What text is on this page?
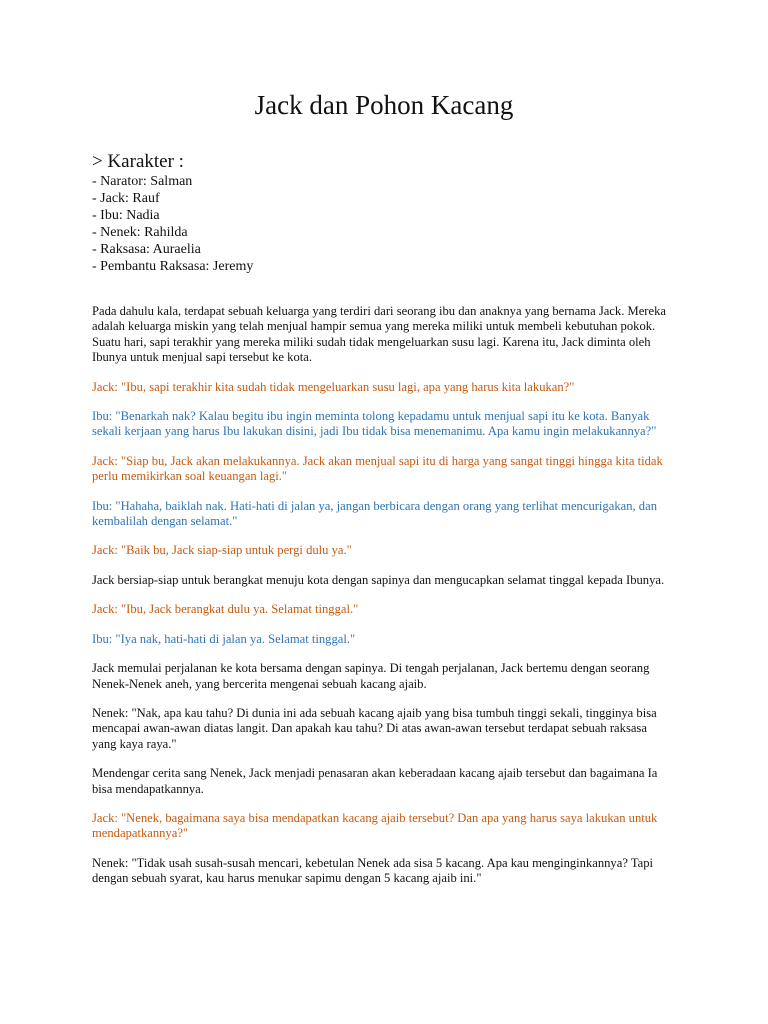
Jack dan Pohon Kacang

> Karakter :

- Narator: Salman
- Jack: Rauf
- Ibu: Nadia
- Nenek: Rahilda
- Raksasa: Auraelia
- Pembantu Raksasa: Jeremy

Pada dahulu kala, terdapat sebuah keluarga yang terdiri dari seorang ibu dan anaknya yang bernama Jack. Mereka adalah keluarga miskin yang telah menjual hampir semua yang mereka miliki untuk membeli kebutuhan pokok. Suatu hari, sapi terakhir yang mereka miliki sudah tidak mengeluarkan susu lagi. Karena itu, Jack diminta oleh Ibunya untuk menjual sapi tersebut ke kota.

Jack: "Ibu, sapi terakhir kita sudah tidak mengeluarkan susu lagi, apa yang harus kita lakukan?"

Ibu: "Benarkah nak? Kalau begitu ibu ingin meminta tolong kepadamu untuk menjual sapi itu ke kota. Banyak sekali kerjaan yang harus Ibu lakukan disini, jadi Ibu tidak bisa menemanimu. Apa kamu ingin melakukannya?"

Jack: "Siap bu, Jack akan melakukannya. Jack akan menjual sapi itu di harga yang sangat tinggi hingga kita tidak perlu memikirkan soal keuangan lagi."

Ibu: "Hahaha, baiklah nak. Hati-hati di jalan ya, jangan berbicara dengan orang yang terlihat mencurigakan, dan kembalilah dengan selamat."

Jack: "Baik bu, Jack siap-siap untuk pergi dulu ya."

Jack bersiap-siap untuk berangkat menuju kota dengan sapinya dan mengucapkan selamat tinggal kepada Ibunya.

Jack: "Ibu, Jack berangkat dulu ya. Selamat tinggal."

Ibu: "Iya nak, hati-hati di jalan ya. Selamat tinggal."

Jack memulai perjalanan ke kota bersama dengan sapinya. Di tengah perjalanan, Jack bertemu dengan seorang Nenek-Nenek aneh, yang bercerita mengenai sebuah kacang ajaib.

Nenek: "Nak, apa kau tahu? Di dunia ini ada sebuah kacang ajaib yang bisa tumbuh tinggi sekali, tingginya bisa mencapai awan-awan diatas langit. Dan apakah kau tahu? Di atas awan-awan tersebut terdapat sebuah raksasa yang kaya raya."

Mendengar cerita sang Nenek, Jack menjadi penasaran akan keberadaan kacang ajaib tersebut dan bagaimana Ia bisa mendapatkannya.

Jack: "Nenek, bagaimana saya bisa mendapatkan kacang ajaib tersebut? Dan apa yang harus saya lakukan untuk mendapatkannya?"

Nenek: "Tidak usah susah-susah mencari, kebetulan Nenek ada sisa 5 kacang. Apa kau menginginkannya? Tapi dengan sebuah syarat, kau harus menukar sapimu dengan 5 kacang ajaib ini."
